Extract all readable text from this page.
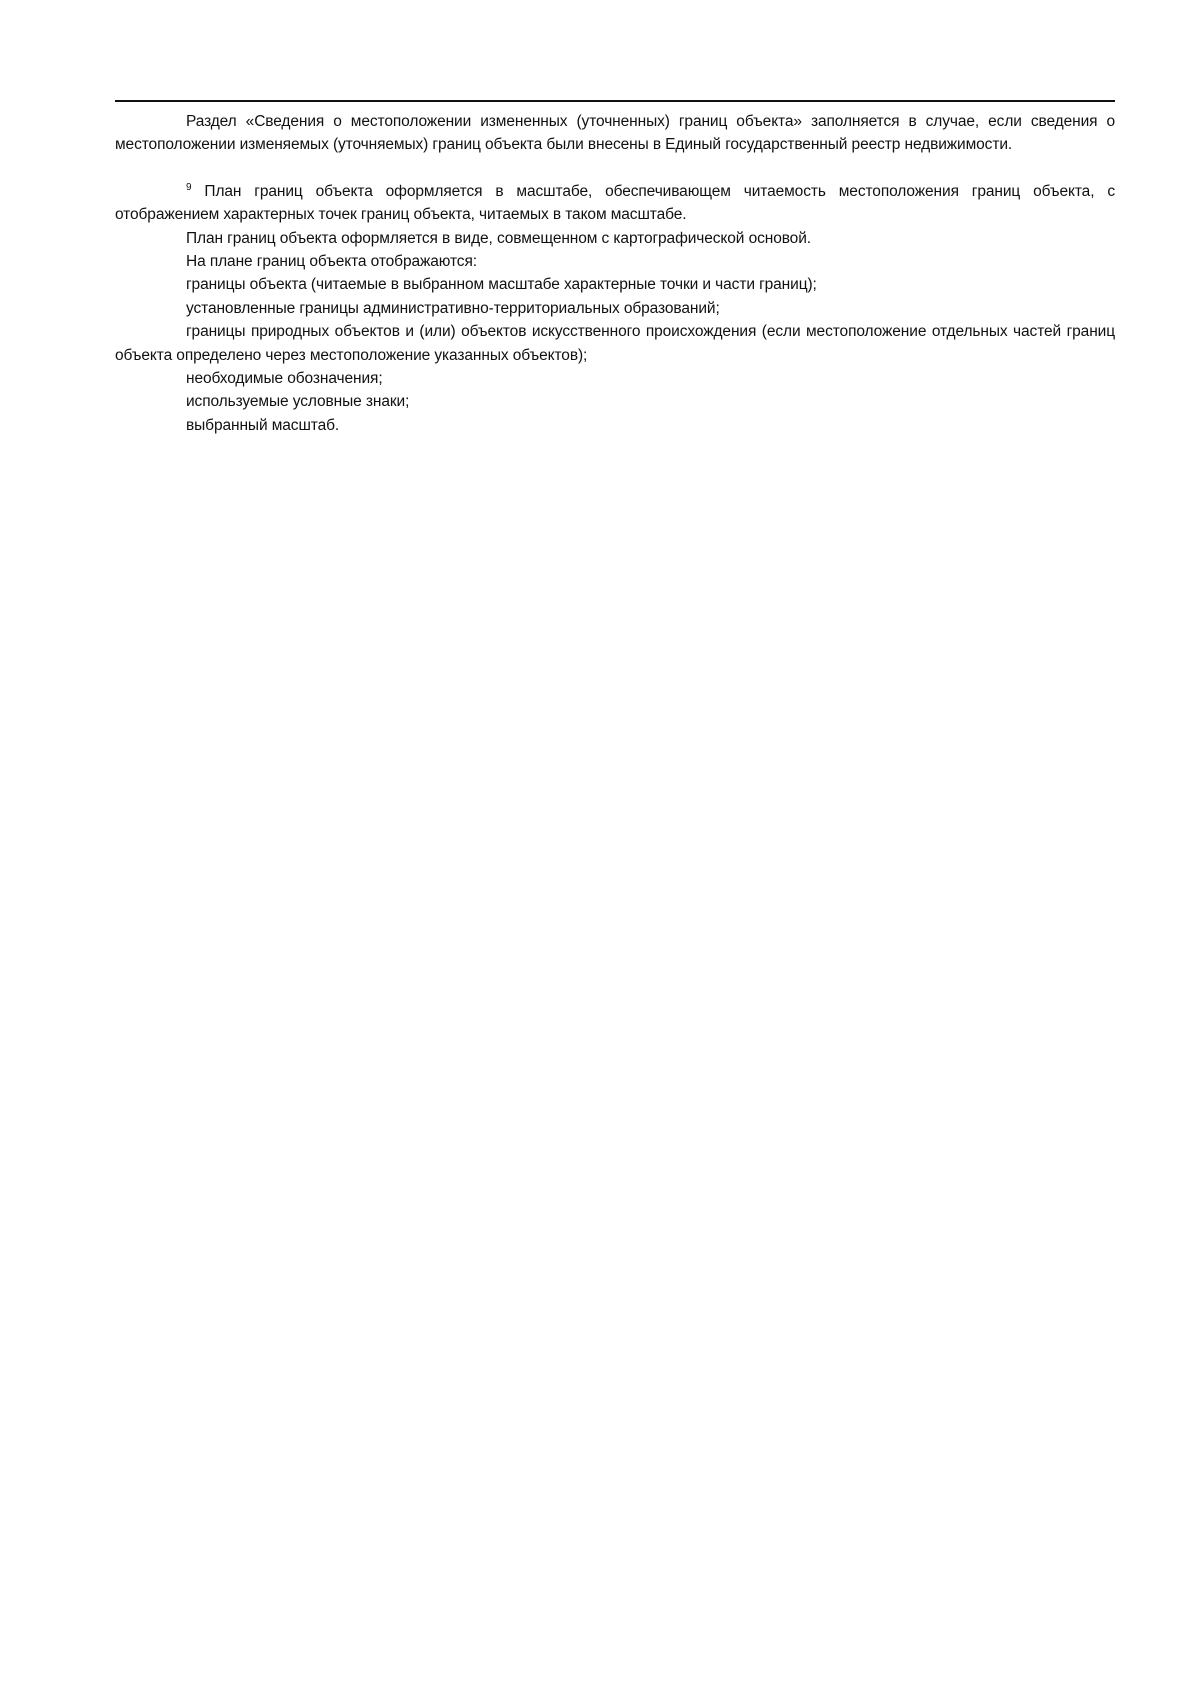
Раздел «Сведения о местоположении измененных (уточненных) границ объекта» заполняется в случае, если сведения о местоположении изменяемых (уточняемых) границ объекта были внесены в Единый государственный реестр недвижимости.

$^9$ План границ объекта оформляется в масштабе, обеспечивающем читаемость местоположения границ объекта, с отображением характерных точек границ объекта, читаемых в таком масштабе.

План границ объекта оформляется в виде, совмещенном с картографической основой.

На плане границ объекта отображаются:

границы объекта (читаемые в выбранном масштабе характерные точки и части границ);

установленные границы административно-территориальных образований;

границы природных объектов и (или) объектов искусственного происхождения (если местоположение отдельных частей границ объекта определено через местоположение указанных объектов);

необходимые обозначения;

используемые условные знаки;

выбранный масштаб.
